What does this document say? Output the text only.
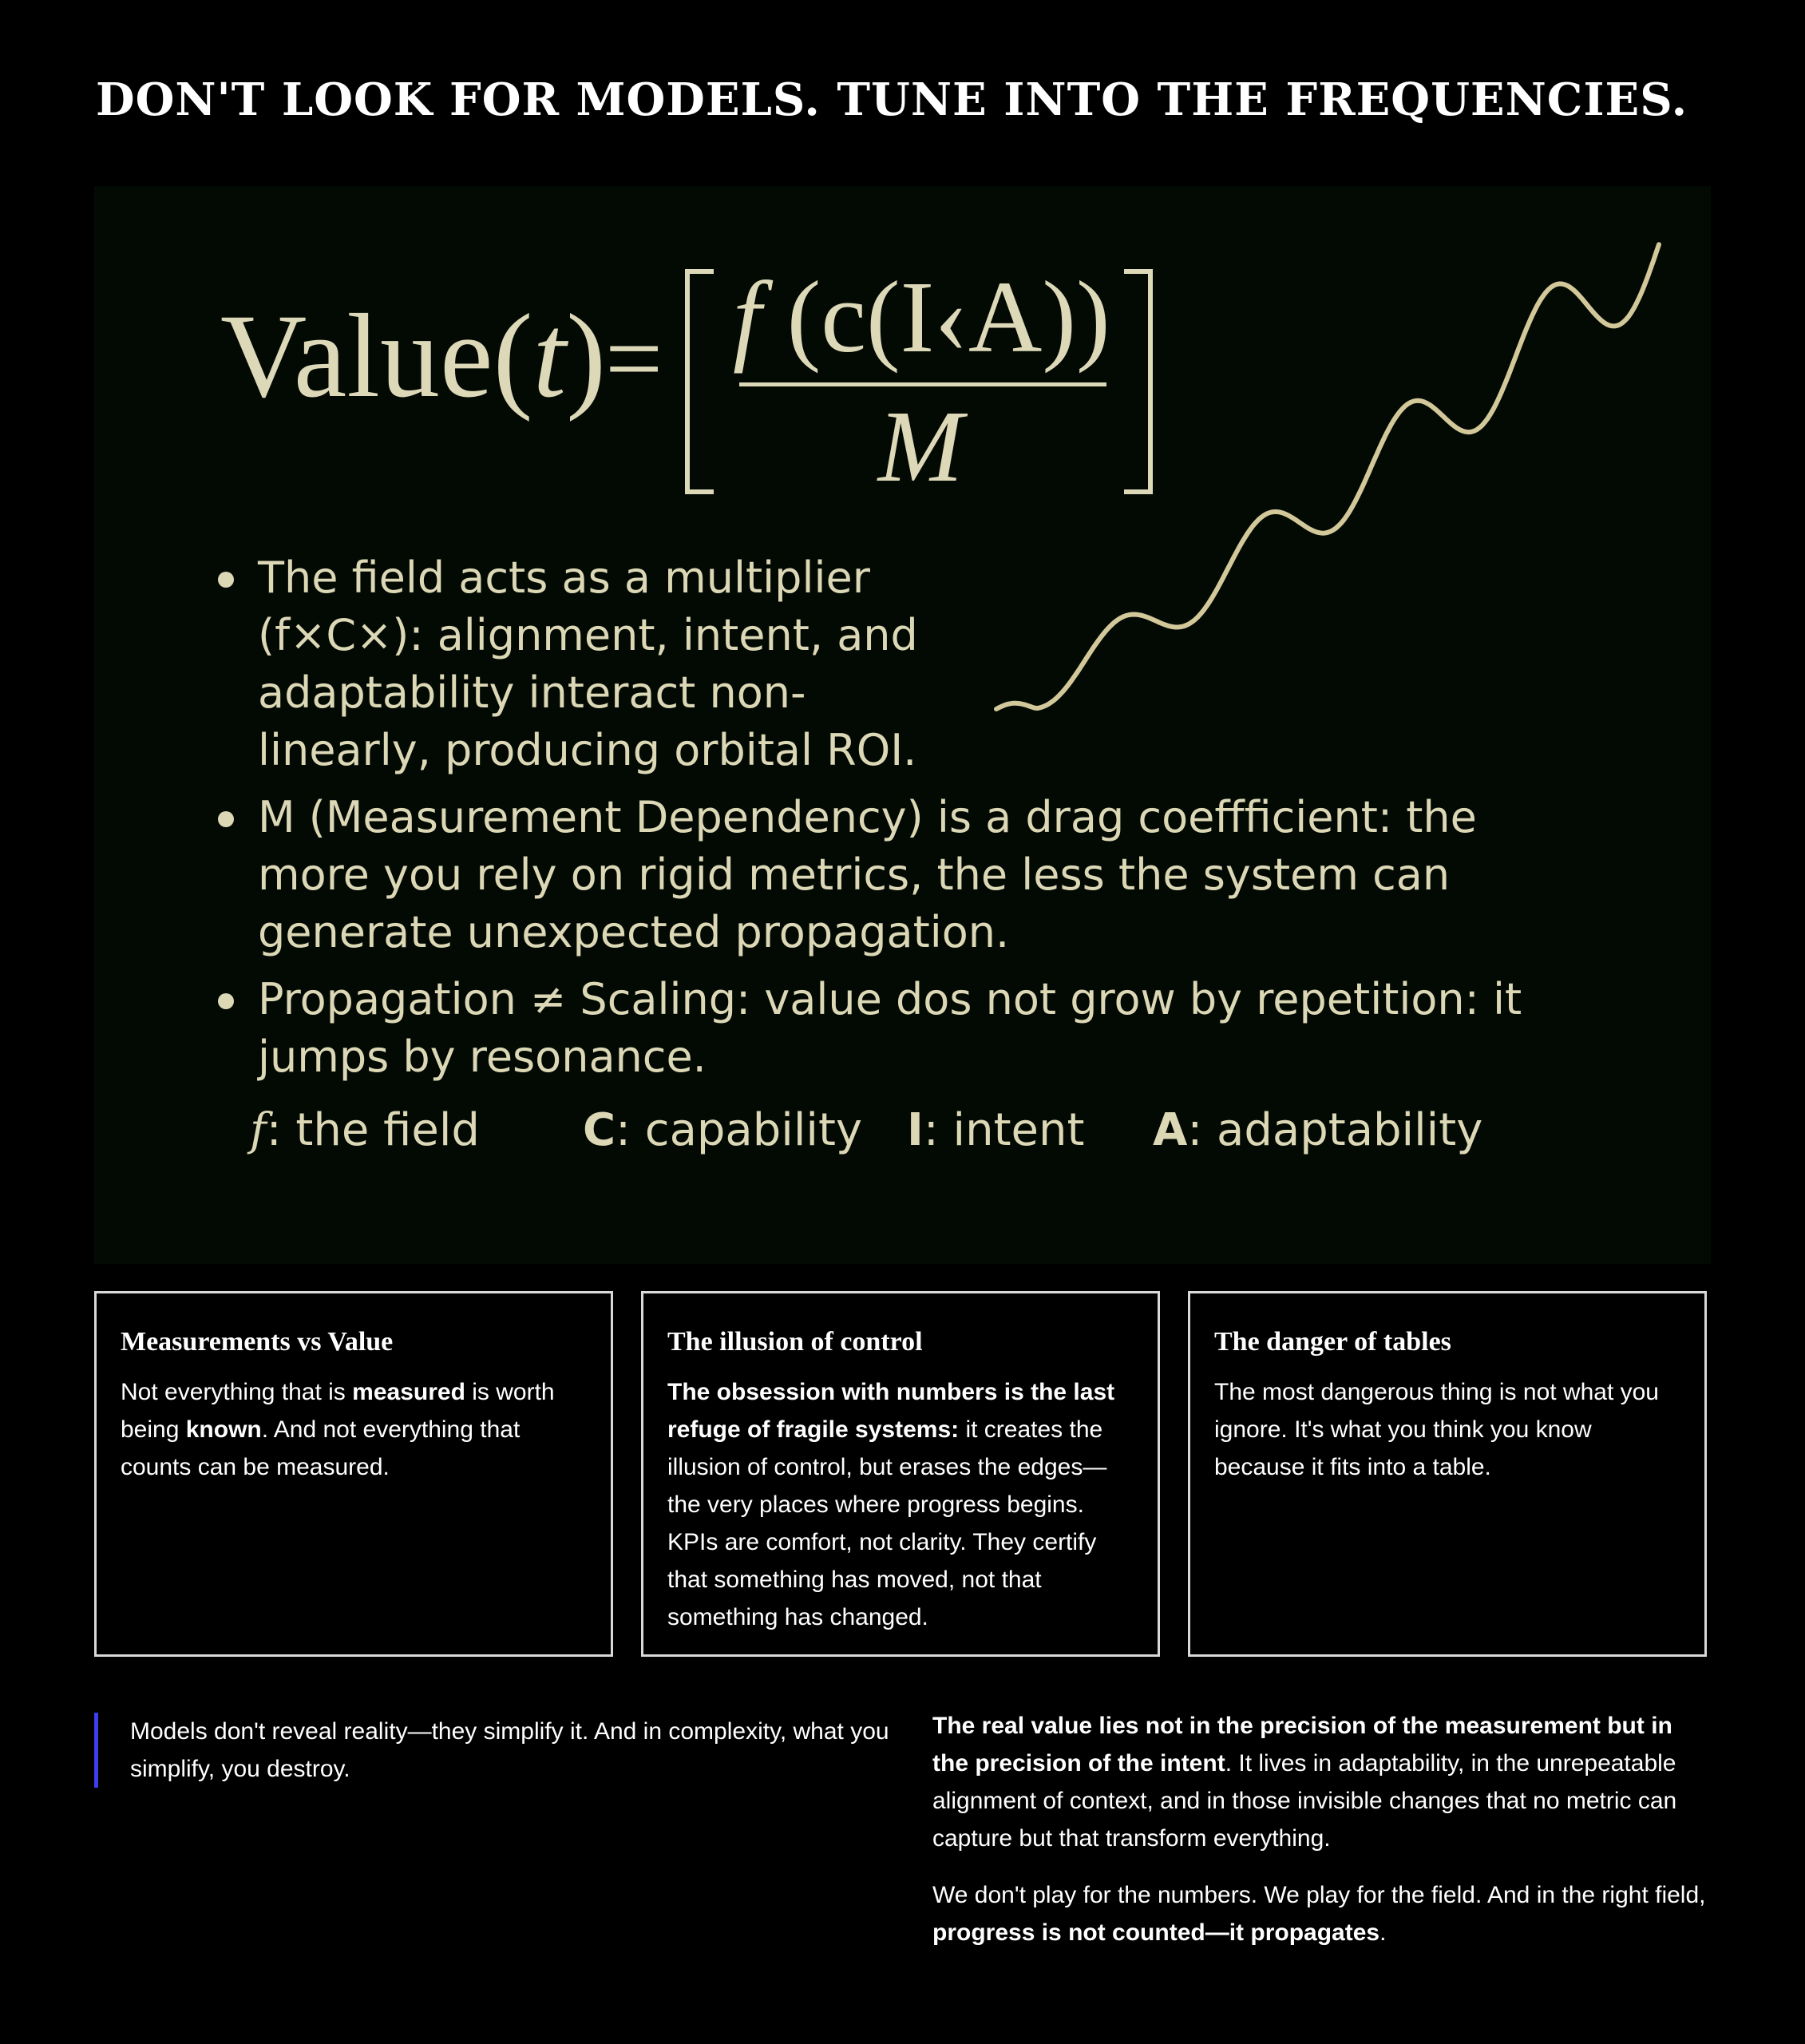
DON'T LOOK FOR MODELS. TUNE INTO THE FREQUENCIES.
Value(t)
= f (c(I‹A))
M
The field acts as a multiplier (f×C×): alignment, intent, and adaptability interact non-linearly, producing orbital ROI.
M (Measurement Dependency) is a drag coeffficient: the more you rely on rigid metrics, the less the system can generate unexpected propagation.
Propagation ≠ Scaling: value dos not grow by repetition: it jumps by resonance.
f: the field C: capability I: intent A: adaptability
Measurements vs Value

Not everything that is measured is worth being known. And not everything that counts can be measured.

The illusion of control

The obsession with numbers is the last refuge of fragile systems: it creates the illusion of control, but erases the edges—the very places where progress begins. KPIs are comfort, not clarity. They certify that something has moved, not that something has changed.

The danger of tables

The most dangerous thing is not what you ignore. It's what you think you know because it fits into a table.

Models don't reveal reality—they simplify it. And in complexity, what you simplify, you destroy.

The real value lies not in the precision of the measurement but in the precision of the intent. It lives in adaptability, in the unrepeatable alignment of context, and in those invisible changes that no metric can capture but that transform everything.

We don't play for the numbers. We play for the field. And in the right field, progress is not counted—it propagates.
